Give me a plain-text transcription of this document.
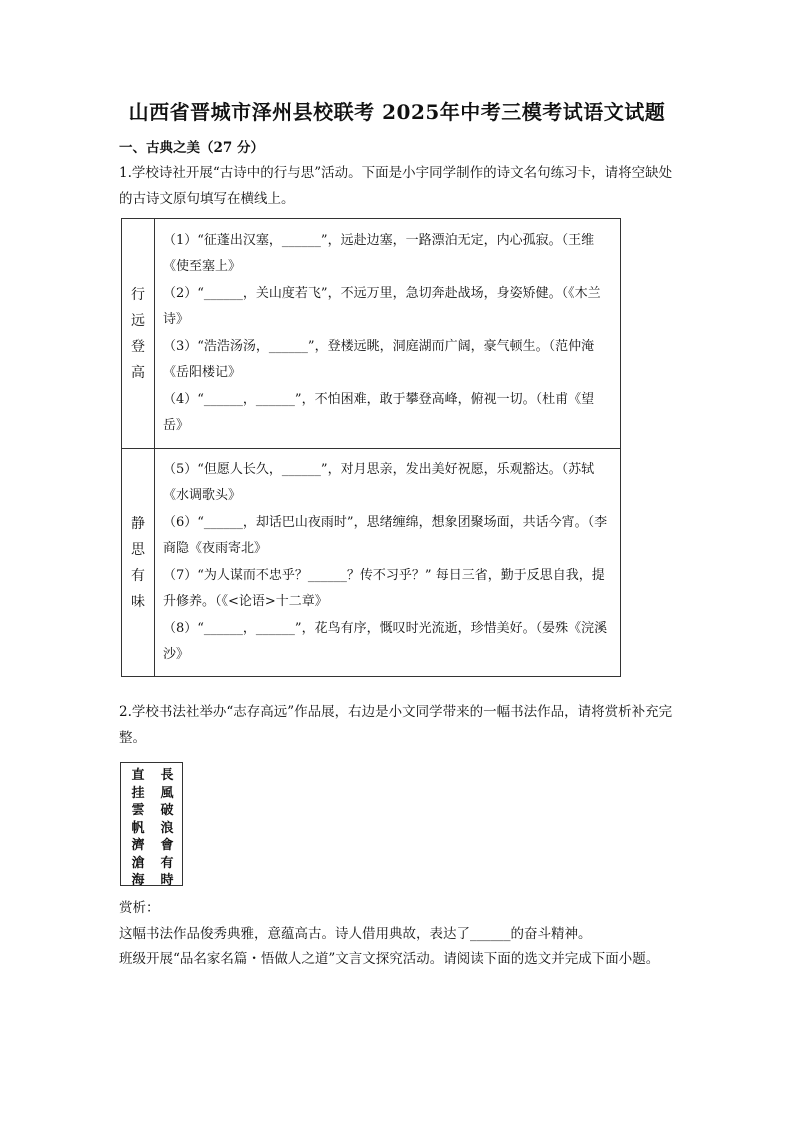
山西省晋城市泽州县校联考 2025年中考三模考试语文试题
一、古典之美（27 分）
1.学校诗社开展“古诗中的行与思”活动。下面是小宇同学制作的诗文名句练习卡，请将空缺处的古诗文原句填写在横线上。
行
远
登
高	（1）“征蓬出汉塞，______”，远赴边塞，一路漂泊无定，内心孤寂。（王维《使至塞上》
（2）“______，关山度若飞”，不远万里，急切奔赴战场，身姿矫健。（《木兰诗》
（3）“浩浩汤汤，______”，登楼远眺，洞庭湖而广阔，豪气顿生。（范仲淹《岳阳楼记》
（4）“______，______”，不怕困难，敢于攀登高峰，俯视一切。（杜甫《望岳》

静
思
有
味	（5）“但愿人长久，______”，对月思亲，发出美好祝愿，乐观豁达。（苏轼《水调歌头》
（6）“______，却话巴山夜雨时”，思绪缠绵，想象团聚场面，共话今宵。（李商隐《夜雨寄北》
（7）“为人谋而不忠乎？______？传不习乎？” 每日三省，勤于反思自我，提升修养。（《<论语>十二章》
（8）“______，______”，花鸟有序，慨叹时光流逝，珍惜美好。（晏殊《浣溪沙》
2.学校书法社举办“志存高远”作品展，右边是小文同学带来的一幅书法作品，请将赏析补充完整。
長
風
破
浪
會
有
時
直
挂
雲
帆
濟
滄
海
赏析：
这幅书法作品俊秀典雅，意蕴高古。诗人借用典故，表达了______的奋斗精神。
班级开展“品名家名篇・悟做人之道”文言文探究活动。请阅读下面的选文并完成下面小题。
